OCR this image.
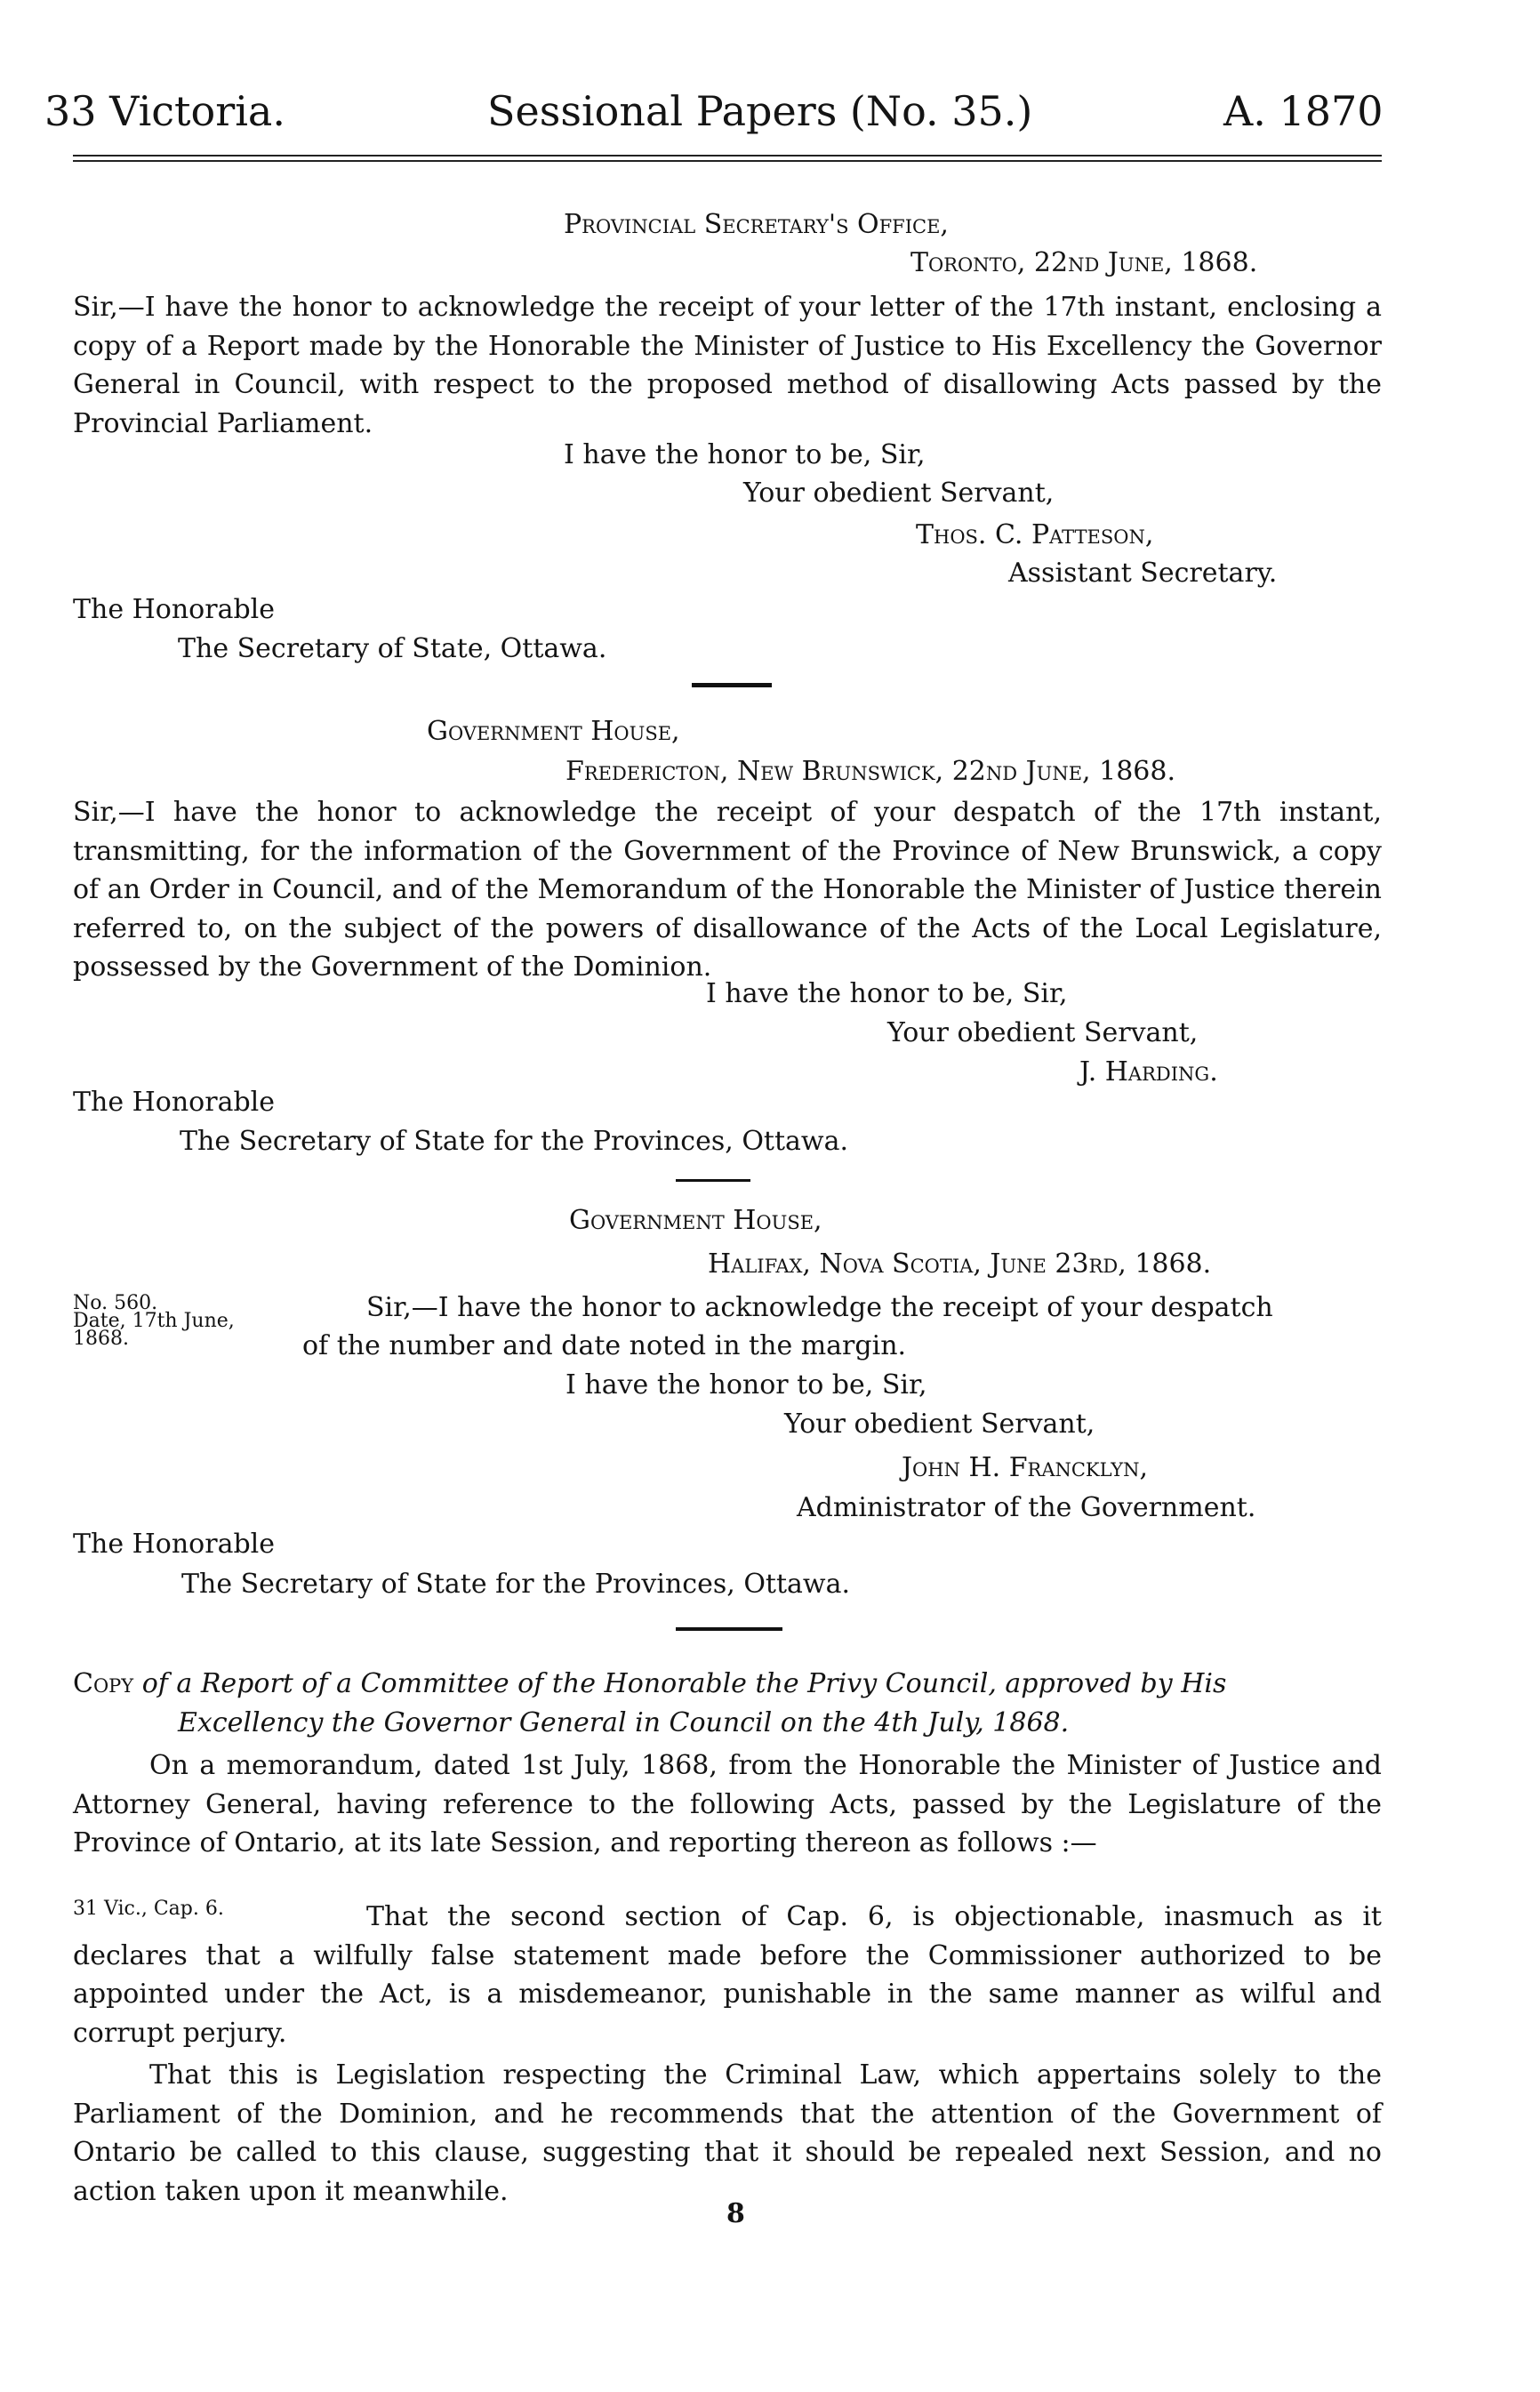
33 Victoria.	Sessional Papers (No. 35.)	A. 1870
Provincial Secretary's Office,
Toronto, 22nd June, 1868.
Sir,—I have the honor to acknowledge the receipt of your letter of the 17th instant, enclosing a copy of a Report made by the Honorable the Minister of Justice to His Excellency the Governor General in Council, with respect to the proposed method of disallowing Acts passed by the Provincial Parliament.
I have the honor to be, Sir,
Your obedient Servant,
Thos. C. Patteson,
Assistant Secretary.
The Honorable
The Secretary of State, Ottawa.
Government House,
Fredericton, New Brunswick, 22nd June, 1868.
Sir,—I have the honor to acknowledge the receipt of your despatch of the 17th instant, transmitting, for the information of the Government of the Province of New Brunswick, a copy of an Order in Council, and of the Memorandum of the Honorable the Minister of Justice therein referred to, on the subject of the powers of disallowance of the Acts of the Local Legislature, possessed by the Government of the Dominion.
I have the honor to be, Sir,
Your obedient Servant,
J. Harding.
The Honorable
The Secretary of State for the Provinces, Ottawa.
Government House,
Halifax, Nova Scotia, June 23rd, 1868.
No. 560.
Date, 17th June,
1868.
Sir,—I have the honor to acknowledge the receipt of your despatch
of the number and date noted in the margin.
I have the honor to be, Sir,
Your obedient Servant,
John H. Francklyn,
Administrator of the Government.
The Honorable
The Secretary of State for the Provinces, Ottawa.
Copy of a Report of a Committee of the Honorable the Privy Council, approved by His
Excellency the Governor General in Council on the 4th July, 1868.
On a memorandum, dated 1st July, 1868, from the Honorable the Minister of Justice and Attorney General, having reference to the following Acts, passed by the Legislature of the Province of Ontario, at its late Session, and reporting thereon as follows :—
31 Vic., Cap. 6.	That the second section of Cap. 6, is objectionable, inasmuch as it declares that a wilfully false statement made before the Commissioner authorized to be appointed under the Act, is a misdemeanor, punishable in the same manner as wilful and corrupt perjury.
That this is Legislation respecting the Criminal Law, which appertains solely to the Parliament of the Dominion, and he recommends that the attention of the Government of Ontario be called to this clause, suggesting that it should be repealed next Session, and no action taken upon it meanwhile.
8
